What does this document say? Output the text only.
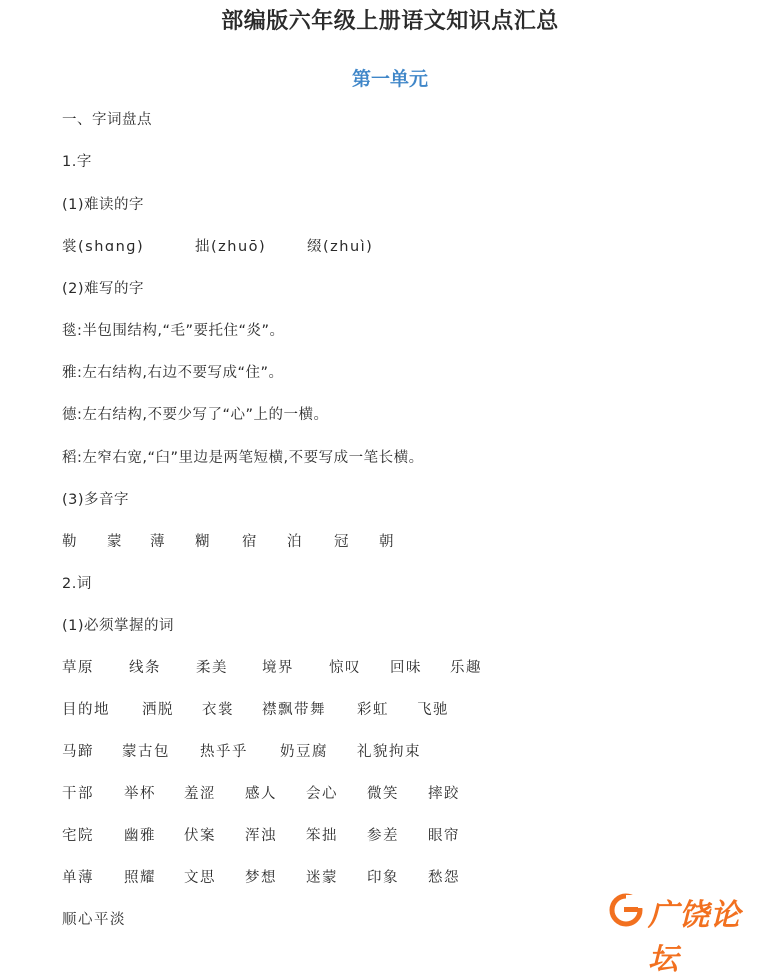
部编版六年级上册语文知识点汇总
第一单元
一、字词盘点
1.字
(1)难读的字
裳(shɑnɡ)	拙(zhuō)	缀(zhuì)
(2)难写的字
毯:半包围结构,“毛”要托住“炎”。
雅:左右结构,右边不要写成“住”。
德:左右结构,不要少写了“心”上的一横。
稻:左窄右宽,“臼”里边是两笔短横,不要写成一笔长横。
(3)多音字
勒 蒙 薄 糊 宿 泊 冠 朝
2.词
(1)必须掌握的词
草原 线条 柔美 境界 惊叹 回味 乐趣
目的地 洒脱 衣裳 襟飘带舞 彩虹 飞驰
马蹄 蒙古包 热乎乎 奶豆腐 礼貌拘束
干部 举杯 羞涩 感人 会心 微笑 摔跤
宅院 幽雅 伏案 浑浊 笨拙 参差 眼帘
单薄 照耀 文思 梦想 迷蒙 印象 愁怨
顺心平淡	广饶论坛
